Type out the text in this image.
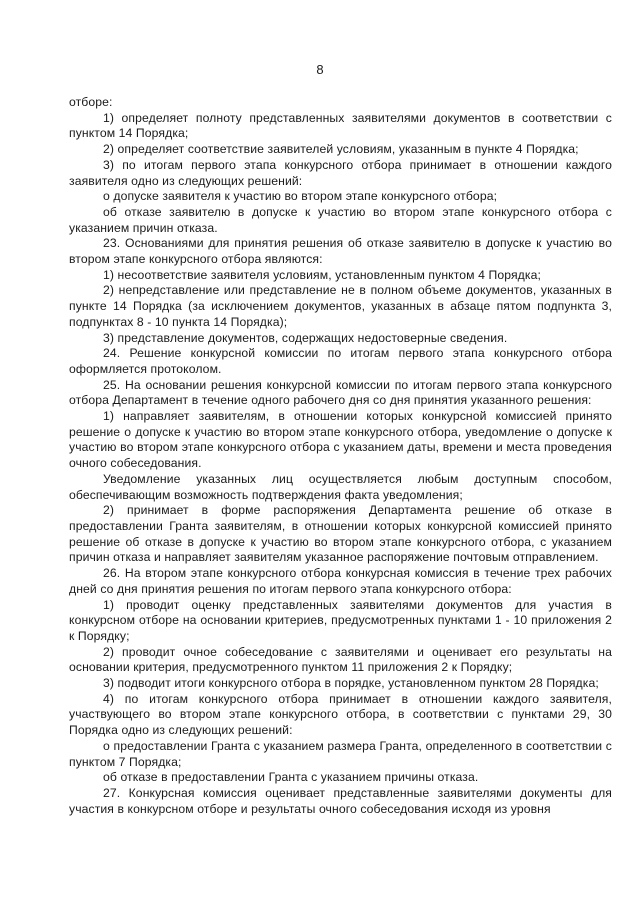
8

отборе:

1) определяет полноту представленных заявителями документов в соответствии с пунктом 14 Порядка;

2) определяет соответствие заявителей условиям, указанным в пункте 4 Порядка;

3) по итогам первого этапа конкурсного отбора принимает в отношении каждого заявителя одно из следующих решений:

о допуске заявителя к участию во втором этапе конкурсного отбора;

об отказе заявителю в допуске к участию во втором этапе конкурсного отбора с указанием причин отказа.

23. Основаниями для принятия решения об отказе заявителю в допуске к участию во втором этапе конкурсного отбора являются:

1) несоответствие заявителя условиям, установленным пунктом 4 Порядка;

2) непредставление или представление не в полном объеме документов, указанных в пункте 14 Порядка (за исключением документов, указанных в абзаце пятом подпункта 3, подпунктах 8 - 10 пункта 14 Порядка);

3) представление документов, содержащих недостоверные сведения.

24. Решение конкурсной комиссии по итогам первого этапа конкурсного отбора оформляется протоколом.

25. На основании решения конкурсной комиссии по итогам первого этапа конкурсного отбора Департамент в течение одного рабочего дня со дня принятия указанного решения:

1) направляет заявителям, в отношении которых конкурсной комиссией принято решение о допуске к участию во втором этапе конкурсного отбора, уведомление о допуске к участию во втором этапе конкурсного отбора с указанием даты, времени и места проведения очного собеседования.

Уведомление указанных лиц осуществляется любым доступным способом, обеспечивающим возможность подтверждения факта уведомления;

2) принимает в форме распоряжения Департамента решение об отказе в предоставлении Гранта заявителям, в отношении которых конкурсной комиссией принято решение об отказе в допуске к участию во втором этапе конкурсного отбора, с указанием причин отказа и направляет заявителям указанное распоряжение почтовым отправлением.

26. На втором этапе конкурсного отбора конкурсная комиссия в течение трех рабочих дней со дня принятия решения по итогам первого этапа конкурсного отбора:

1) проводит оценку представленных заявителями документов для участия в конкурсном отборе на основании критериев, предусмотренных пунктами 1 - 10 приложения 2 к Порядку;

2) проводит очное собеседование с заявителями и оценивает его результаты на основании критерия, предусмотренного пунктом 11 приложения 2 к Порядку;

3) подводит итоги конкурсного отбора в порядке, установленном пунктом 28 Порядка;

4) по итогам конкурсного отбора принимает в отношении каждого заявителя, участвующего во втором этапе конкурсного отбора, в соответствии с пунктами 29, 30 Порядка одно из следующих решений:

о предоставлении Гранта с указанием размера Гранта, определенного в соответствии с пунктом 7 Порядка;

об отказе в предоставлении Гранта с указанием причины отказа.

27. Конкурсная комиссия оценивает представленные заявителями документы для участия в конкурсном отборе и результаты очного собеседования исходя из уровня
